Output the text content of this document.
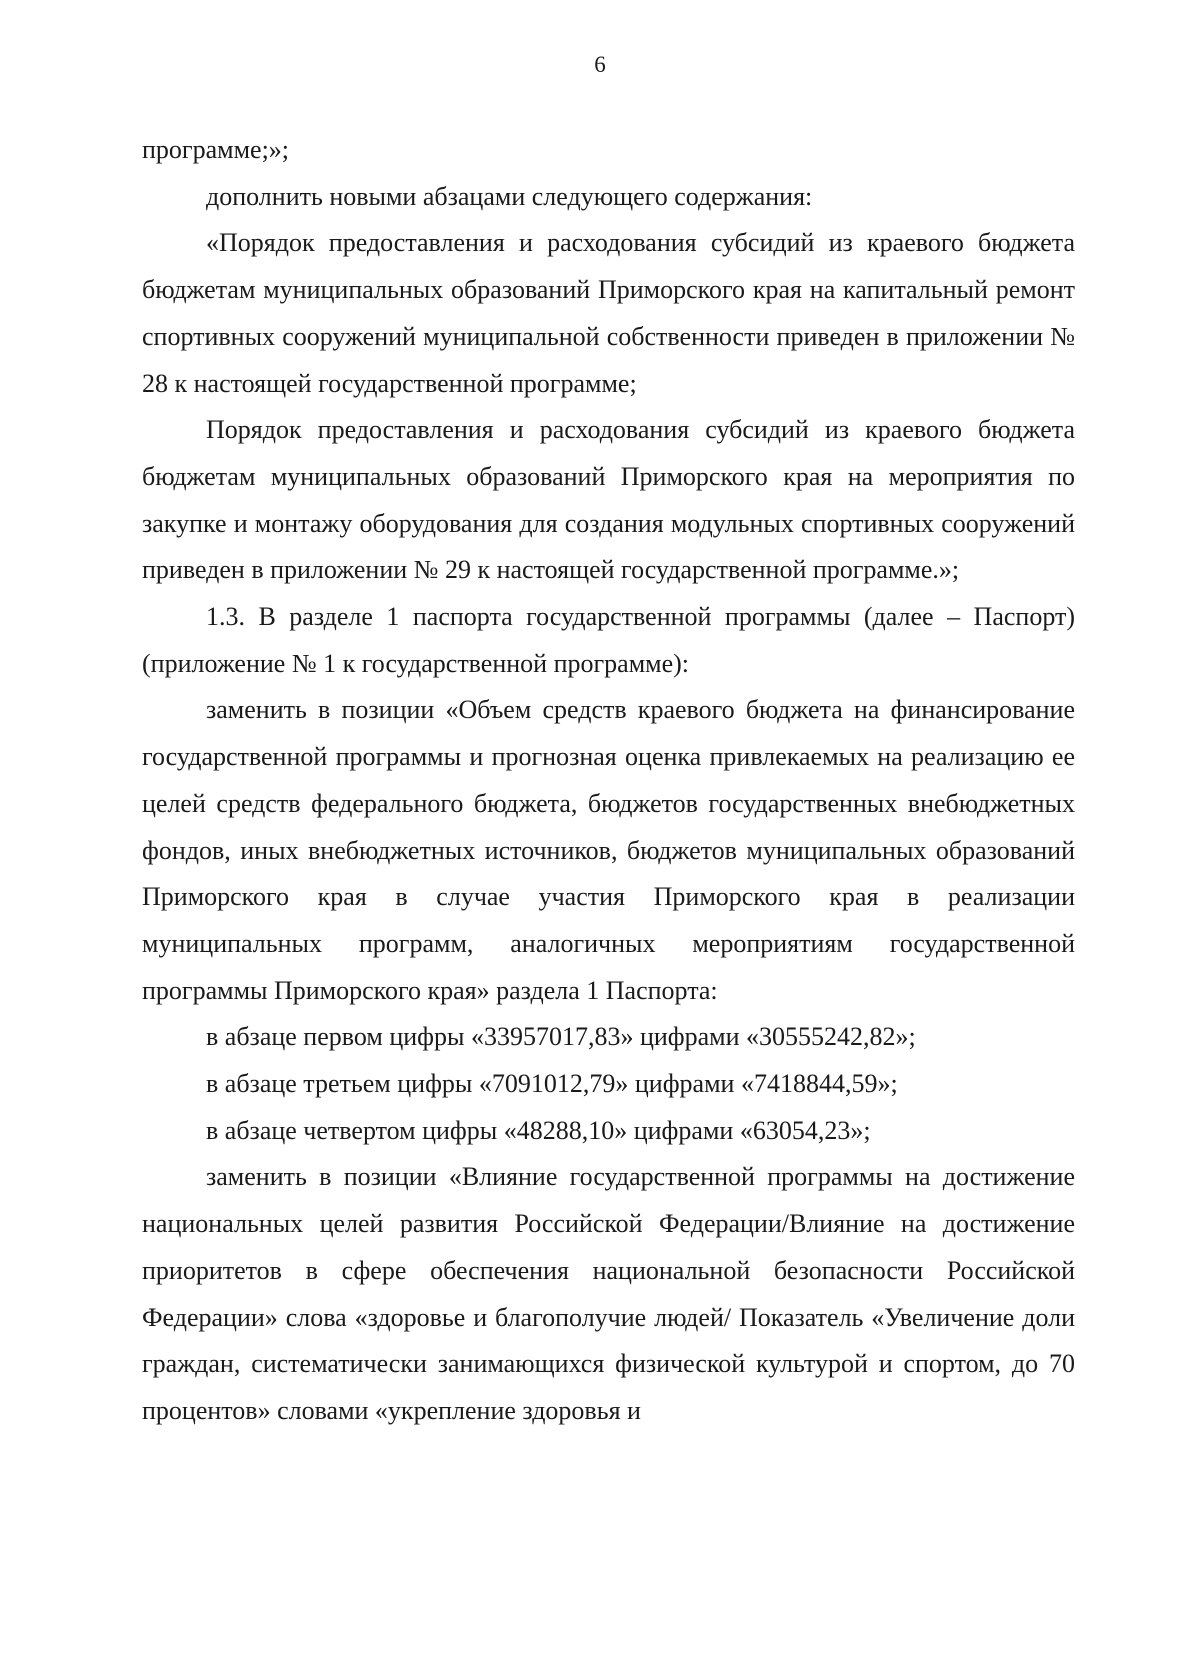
6

программе;»;

дополнить новыми абзацами следующего содержания:

«Порядок предоставления и расходования субсидий из краевого бюджета бюджетам муниципальных образований Приморского края на капитальный ремонт спортивных сооружений муниципальной собственности приведен в приложении № 28 к настоящей государственной программе;

Порядок предоставления и расходования субсидий из краевого бюджета бюджетам муниципальных образований Приморского края на мероприятия по закупке и монтажу оборудования для создания модульных спортивных сооружений приведен в приложении № 29 к настоящей государственной программе.»;

1.3. В разделе 1 паспорта государственной программы (далее – Паспорт) (приложение № 1 к государственной программе):

заменить в позиции «Объем средств краевого бюджета на финансирование государственной программы и прогнозная оценка привлекаемых на реализацию ее целей средств федерального бюджета, бюджетов государственных внебюджетных фондов, иных внебюджетных источников, бюджетов муниципальных образований Приморского края в случае участия Приморского края в реализации муниципальных программ, аналогичных мероприятиям государственной программы Приморского края» раздела 1 Паспорта:

в абзаце первом цифры «33957017,83» цифрами «30555242,82»;

в абзаце третьем цифры «7091012,79» цифрами «7418844,59»;

в абзаце четвертом цифры «48288,10» цифрами «63054,23»;

заменить в позиции «Влияние государственной программы на достижение национальных целей развития Российской Федерации/Влияние на достижение приоритетов в сфере обеспечения национальной безопасности Российской Федерации» слова «здоровье и благополучие людей/ Показатель «Увеличение доли граждан, систематически занимающихся физической культурой и спортом, до 70 процентов» словами «укрепление здоровья и
